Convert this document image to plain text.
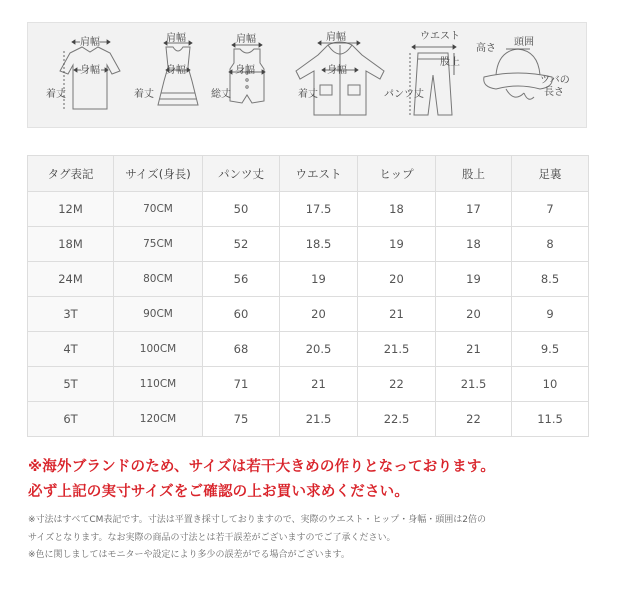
肩幅
身幅
着丈
肩幅
身幅
着丈
肩幅
身幅
総丈
肩幅
身幅
着丈
ウエスト
股上
パンツ丈
高さ
頭囲
ツバの
長さ
タグ表記	サイズ(身長)	パンツ丈	ウエスト	ヒップ	股上	足裏
12M	70CM	50	17.5	18	17	7
18M	75CM	52	18.5	19	18	8
24M	80CM	56	19	20	19	8.5
3T	90CM	60	20	21	20	9
4T	100CM	68	20.5	21.5	21	9.5
5T	110CM	71	21	22	21.5	10
6T	120CM	75	21.5	22.5	22	11.5
※海外ブランドのため、サイズは若干大きめの作りとなっております。
必ず上記の実寸サイズをご確認の上お買い求めください。

※寸法はすべてCM表記です。寸法は平置き採寸しておりますので、実際のウエスト・ヒップ・身幅・頭囲は2倍の

サイズとなります。なお実際の商品の寸法とは若干誤差がございますのでご了承ください。

※色に関しましてはモニターや設定により多少の誤差がでる場合がございます。
